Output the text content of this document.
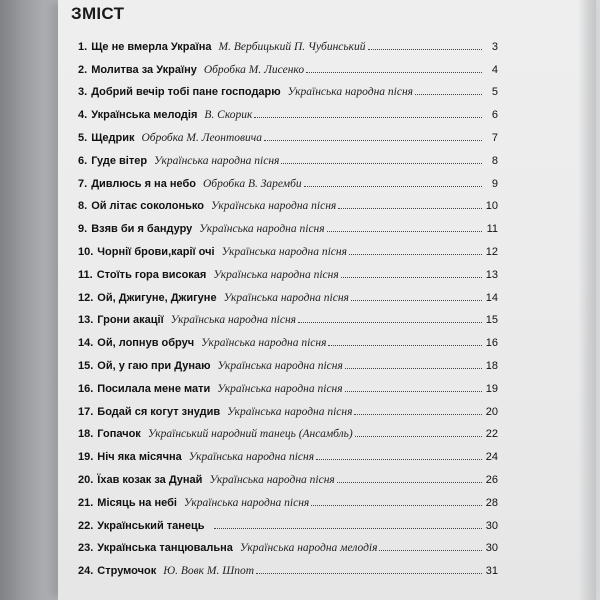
ЗМІСТ
1. Ще не вмерла Україна М. Вербицький П. Чубинський	3
2. Молитва за Україну Обробка М. Лисенко	4
3. Добрий вечір тобі пане господарю Українська народна пісня	5
4. Українська мелодія В. Скорик	6
5. Щедрик Обробка М. Леонтовича	7
6. Гуде вітер Українська народна пісня	8
7. Дивлюсь я на небо Обробка В. Заремби	9
8. Ой літає соколонько Українська народна пісня	10
9. Взяв би я бандуру Українська народна пісня	11
10. Чорнії брови,карії очі Українська народна пісня	12
11. Стоїть гора високая Українська народна пісня	13
12. Ой, Джигуне, Джигуне Українська народна пісня	14
13. Грони акації Українська народна пісня	15
14. Ой, лопнув обруч Українська народна пісня	16
15. Ой, у гаю при Дунаю Українська народна пісня	18
16. Посилала мене мати Українська народна пісня	19
17. Бодай ся когут знудив Українська народна пісня	20
18. Гопачок Український народний танець (Ансамбль)	22
19. Ніч яка місячна Українська народна пісня	24
20. Їхав козак за Дунай Українська народна пісня	26
21. Місяць на небі Українська народна пісня	28
22. Український танець	30
23. Українська танцювальна Українська народна мелодія	30
24. Струмочок Ю. Вовк М. Шпот	31
